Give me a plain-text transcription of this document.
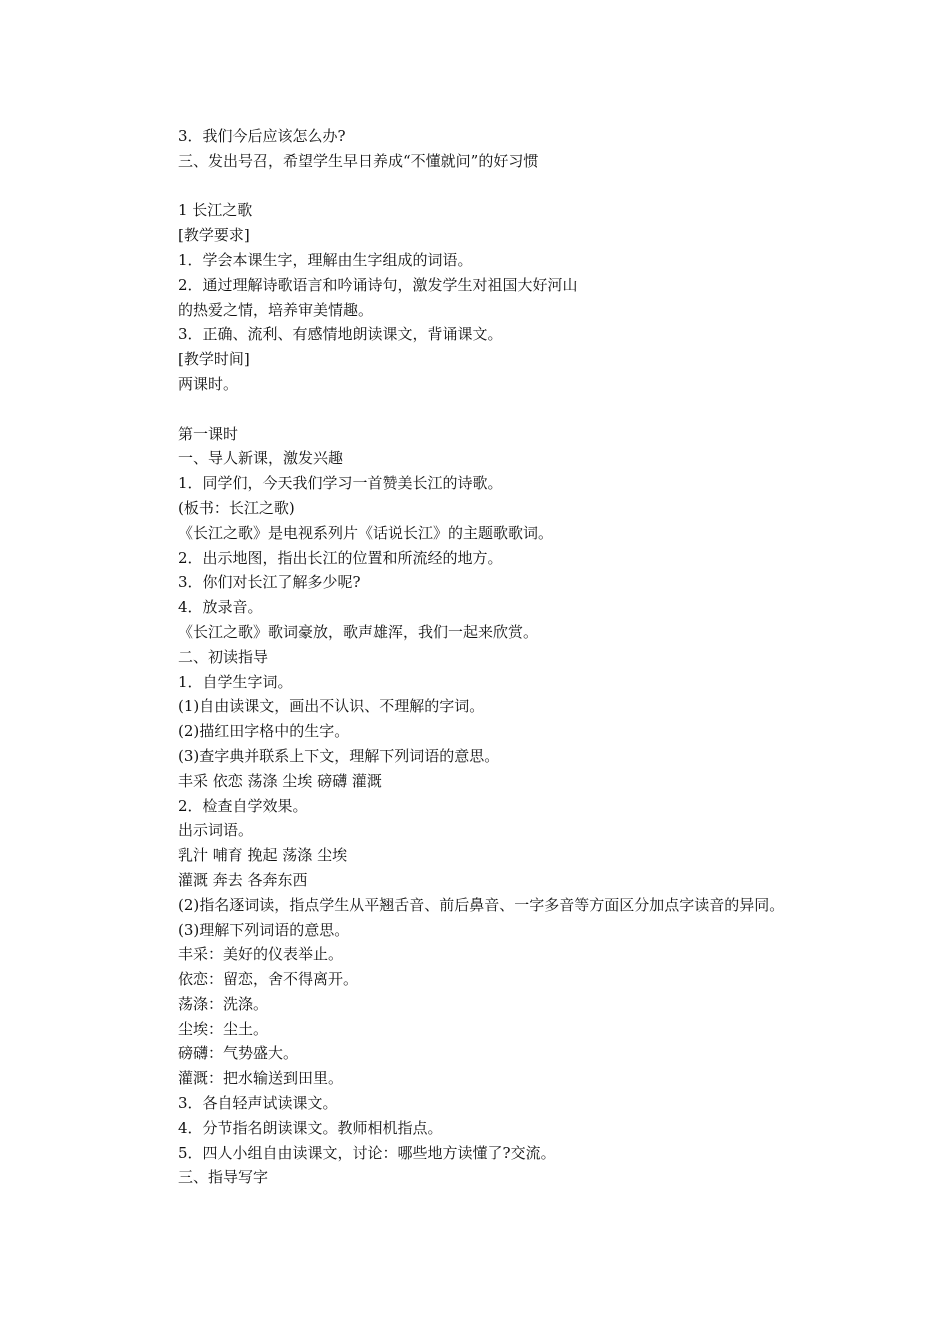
3．我们今后应该怎么办?
三、发出号召，希望学生早日养成“不懂就问”的好习惯
1 长江之歌
[教学要求]
1．学会本课生字，理解由生字组成的词语。
2．通过理解诗歌语言和吟诵诗句，激发学生对祖国大好河山
的热爱之情，培养审美情趣。
3．正确、流利、有感情地朗读课文，背诵课文。
[教学时间]
两课时。
第一课时
一、导人新课，激发兴趣
1．同学们，今天我们学习一首赞美长江的诗歌。
(板书：长江之歌)
《长江之歌》是电视系列片《话说长江》的主题歌歌词。
2．出示地图，指出长江的位置和所流经的地方。
3．你们对长江了解多少呢?
4．放录音。
《长江之歌》歌词豪放，歌声雄浑，我们一起来欣赏。
二、初读指导
1．自学生字词。
(1)自由读课文，画出不认识、不理解的字词。
(2)描红田字格中的生字。
(3)查字典并联系上下文，理解下列词语的意思。
丰采 依恋 荡涤 尘埃 磅礴 灌溉
2．检查自学效果。
出示词语。
乳汁 哺育 挽起 荡涤 尘埃
灌溉 奔去 各奔东西
(2)指名逐词读，指点学生从平翘舌音、前后鼻音、一字多音等方面区分加点字读音的异同。
(3)理解下列词语的意思。
丰采：美好的仪表举止。
依恋：留恋，舍不得离开。
荡涤：洗涤。
尘埃：尘土。
磅礴：气势盛大。
灌溉：把水输送到田里。
3．各自轻声试读课文。
4．分节指名朗读课文。教师相机指点。
5．四人小组自由读课文，讨论：哪些地方读懂了?交流。
三、指导写字
